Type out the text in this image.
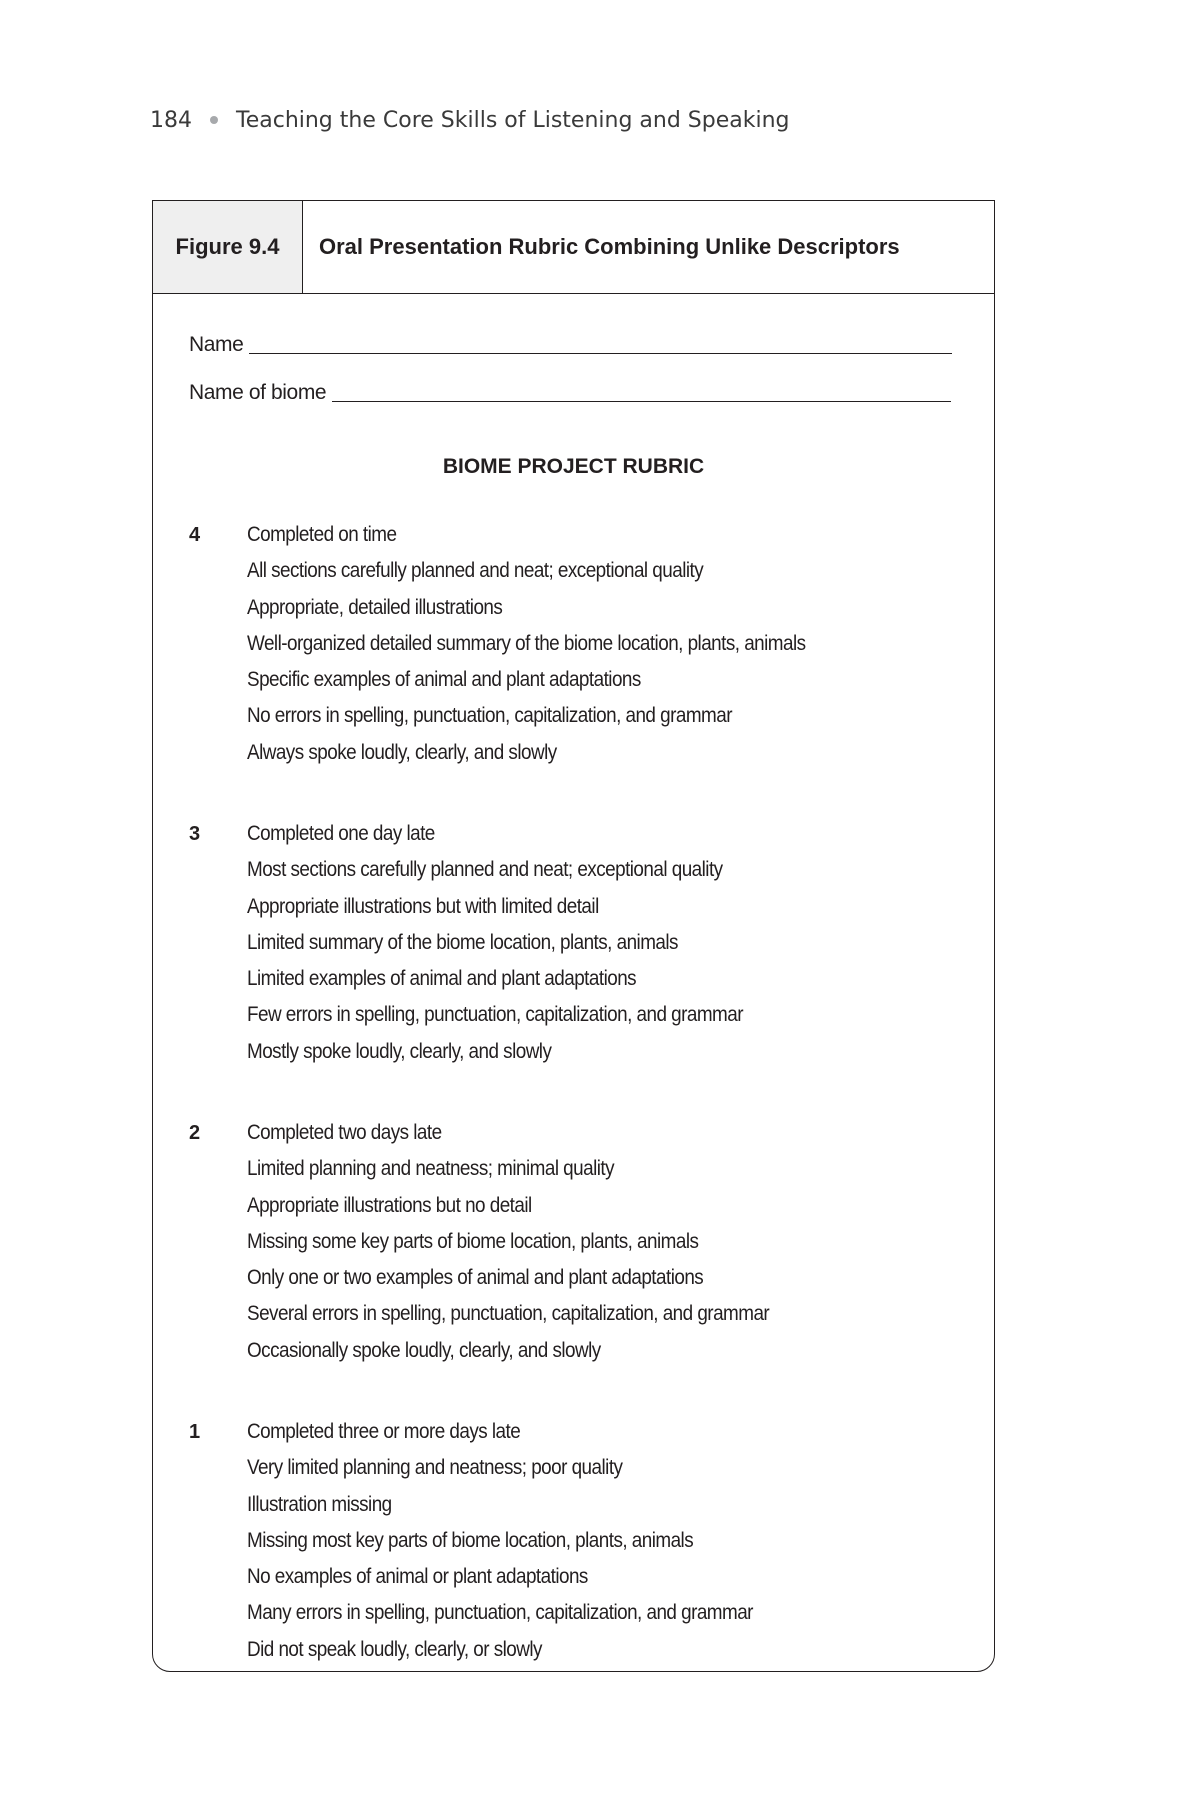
184 Teaching the Core Skills of Listening and Speaking
Figure 9.4	Oral Presentation Rubric Combining Unlike Descriptors
Name
Name of biome
BIOME PROJECT RUBRIC
4 Completed on time
All sections carefully planned and neat; exceptional quality
Appropriate, detailed illustrations
Well-organized detailed summary of the biome location, plants, animals
Specific examples of animal and plant adaptations
No errors in spelling, punctuation, capitalization, and grammar
Always spoke loudly, clearly, and slowly
3 Completed one day late
Most sections carefully planned and neat; exceptional quality
Appropriate illustrations but with limited detail
Limited summary of the biome location, plants, animals
Limited examples of animal and plant adaptations
Few errors in spelling, punctuation, capitalization, and grammar
Mostly spoke loudly, clearly, and slowly
2 Completed two days late
Limited planning and neatness; minimal quality
Appropriate illustrations but no detail
Missing some key parts of biome location, plants, animals
Only one or two examples of animal and plant adaptations
Several errors in spelling, punctuation, capitalization, and grammar
Occasionally spoke loudly, clearly, and slowly
1 Completed three or more days late
Very limited planning and neatness; poor quality
Illustration missing
Missing most key parts of biome location, plants, animals
No examples of animal or plant adaptations
Many errors in spelling, punctuation, capitalization, and grammar
Did not speak loudly, clearly, or slowly
